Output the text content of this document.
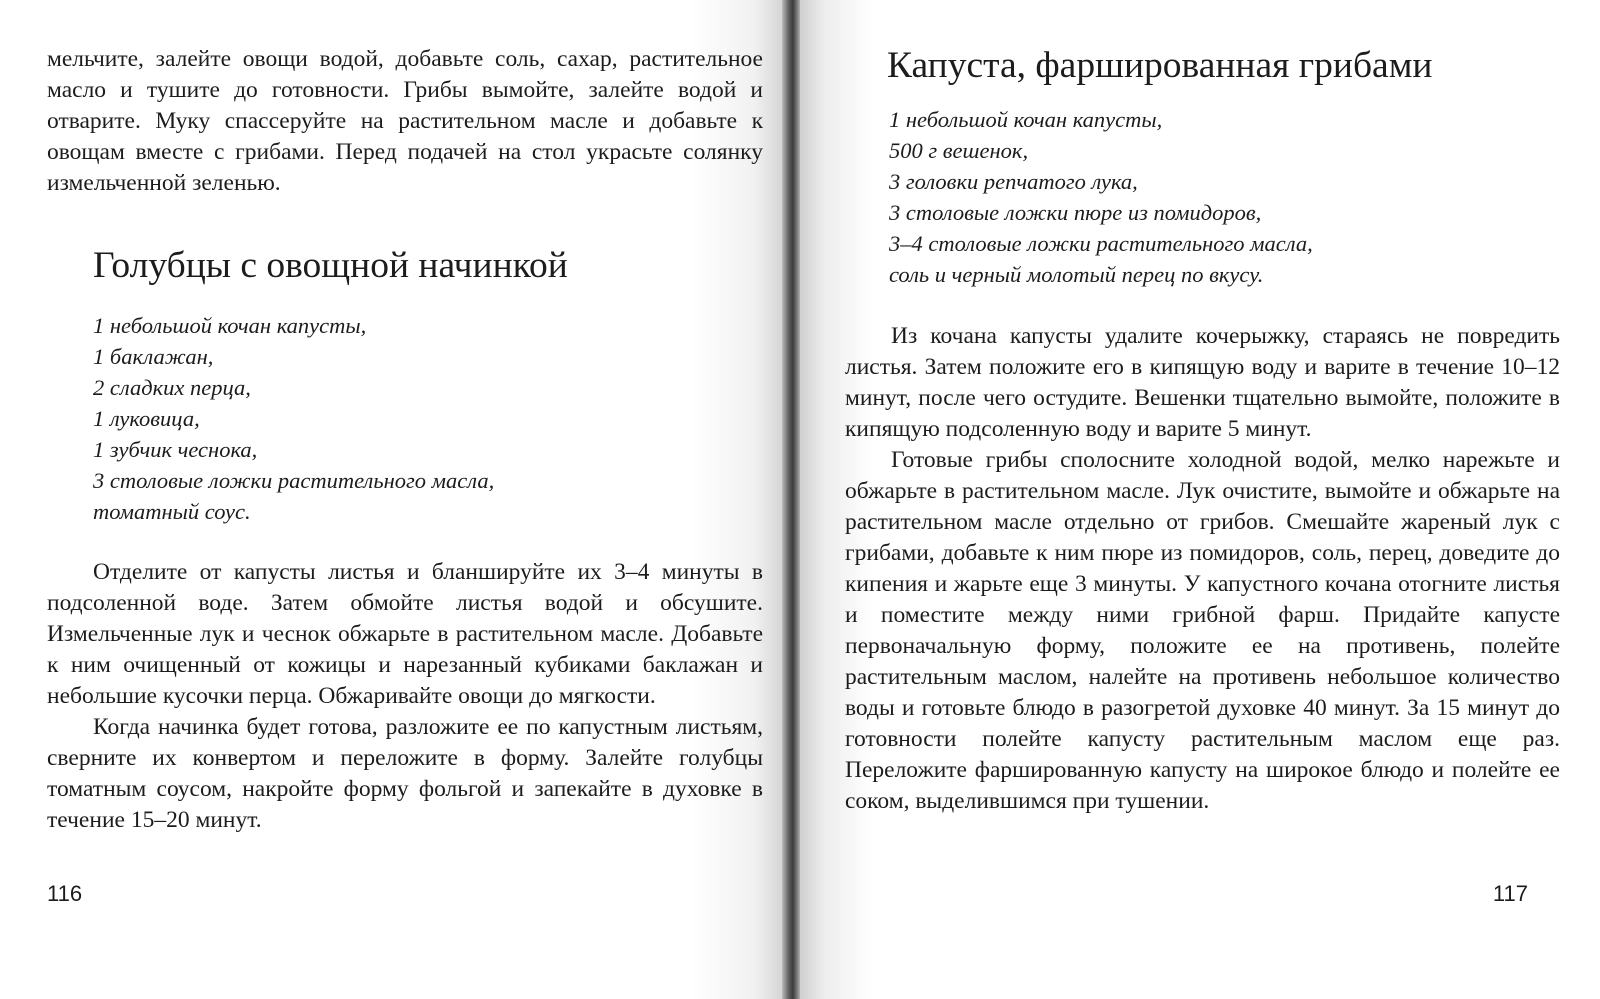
мельчите, залейте овощи водой, добавьте соль, сахар, растительное масло и тушите до готовности. Грибы вымойте, залейте водой и отварите. Муку спассеруйте на растительном масле и добавьте к овощам вместе с грибами. Перед подачей на стол украсьте солянку измельченной зеленью.

Голубцы с овощной начинкой
1 небольшой кочан капусты,
1 баклажан,
2 сладких перца,
1 луковица,
1 зубчик чеснока,
3 столовые ложки растительного масла,
томатный соус.

Отделите от капусты листья и бланшируйте их 3–4 минуты в подсоленной воде. Затем обмойте листья водой и обсушите. Измельченные лук и чеснок обжарьте в растительном масле. Добавьте к ним очищенный от кожицы и нарезанный кубиками баклажан и небольшие кусочки перца. Обжаривайте овощи до мягкости.

Когда начинка будет готова, разложите ее по капустным листьям, сверните их конвертом и переложите в форму. Залейте голубцы томатным соусом, накройте форму фольгой и запекайте в духовке в течение 15–20 минут.

116
Капуста, фаршированная грибами
1 небольшой кочан капусты,
500 г вешенок,
3 головки репчатого лука,
3 столовые ложки пюре из помидоров,
3–4 столовые ложки растительного масла,
соль и черный молотый перец по вкусу.

Из кочана капусты удалите кочерыжку, стараясь не повредить листья. Затем положите его в кипящую воду и варите в течение 10–12 минут, после чего остудите. Вешенки тщательно вымойте, положите в кипящую подсоленную воду и варите 5 минут.

Готовые грибы сполосните холодной водой, мелко нарежьте и обжарьте в растительном масле. Лук очистите, вымойте и обжарьте на растительном масле отдельно от грибов. Смешайте жареный лук с грибами, добавьте к ним пюре из помидоров, соль, перец, доведите до кипения и жарьте еще 3 минуты. У капустного кочана отогните листья и поместите между ними грибной фарш. Придайте капусте первоначальную форму, положите ее на противень, полейте растительным маслом, налейте на противень небольшое количество воды и готовьте блюдо в разогретой духовке 40 минут. За 15 минут до готовности полейте капусту растительным маслом еще раз. Переложите фаршированную капусту на широкое блюдо и полейте ее соком, выделившимся при тушении.

117
